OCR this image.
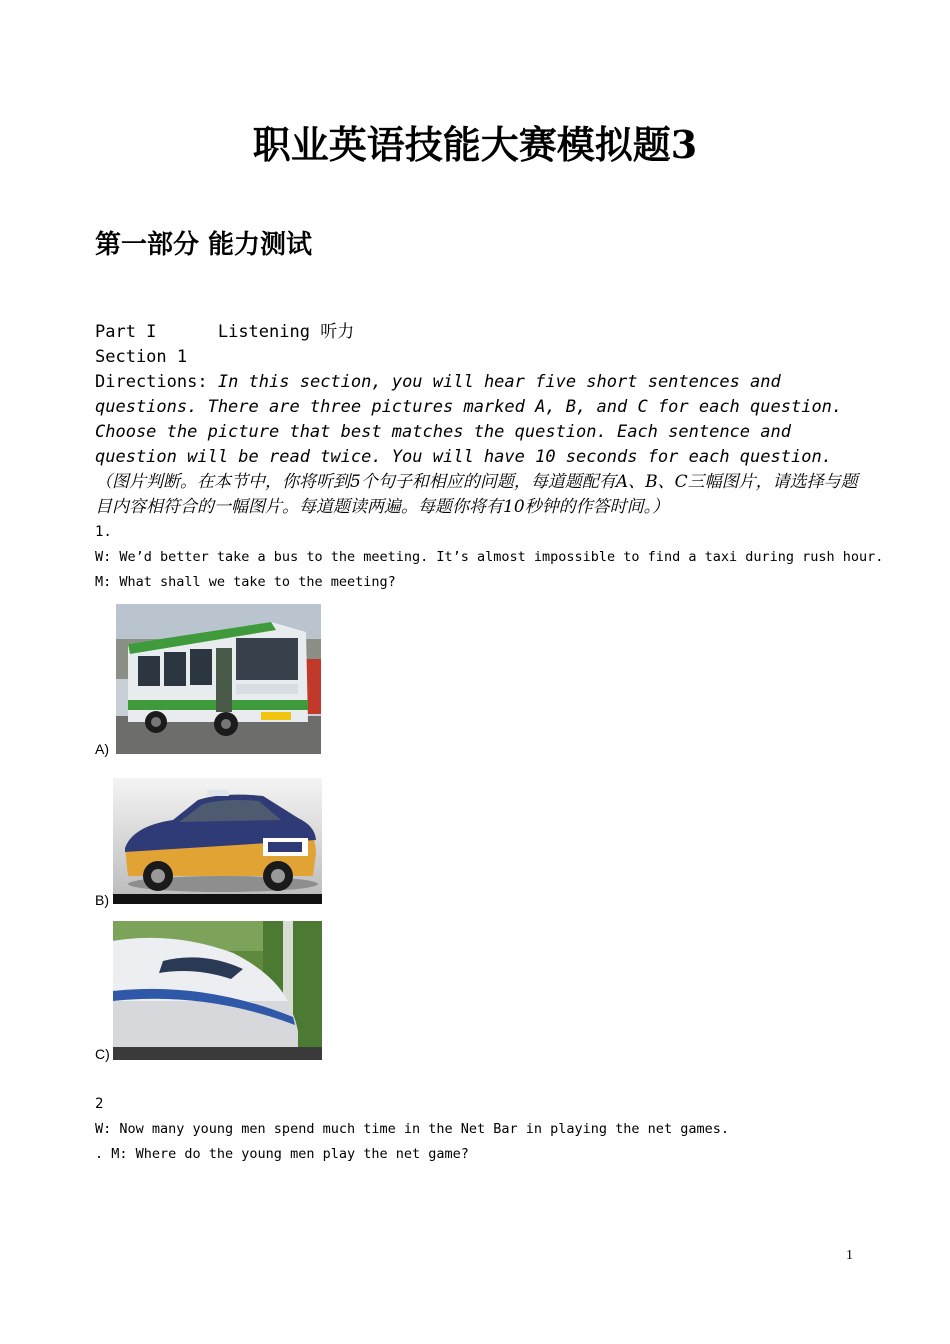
职业英语技能大赛模拟题3
第一部分 能力测试
Part I	Listening 听力
Section 1
Directions: In this section, you will hear five short sentences and questions. There are three pictures marked A, B, and C for each question. Choose the picture that best matches the question. Each sentence and question will be read twice. You will have 10 seconds for each question. （图片判断。在本节中，你将听到5个句子和相应的问题，每道题配有A、B、C三幅图片，请选择与题目内容相符合的一幅图片。每道题读两遍。每题你将有10秒钟的作答时间。）
1.
W: We’d better take a bus to the meeting. It’s almost impossible to find a taxi during rush hour.
M: What shall we take to the meeting?
A)
B)
C)
2
W: Now many young men spend much time in the Net Bar in playing the net games.
. M: Where do the young men play the net game?
1
